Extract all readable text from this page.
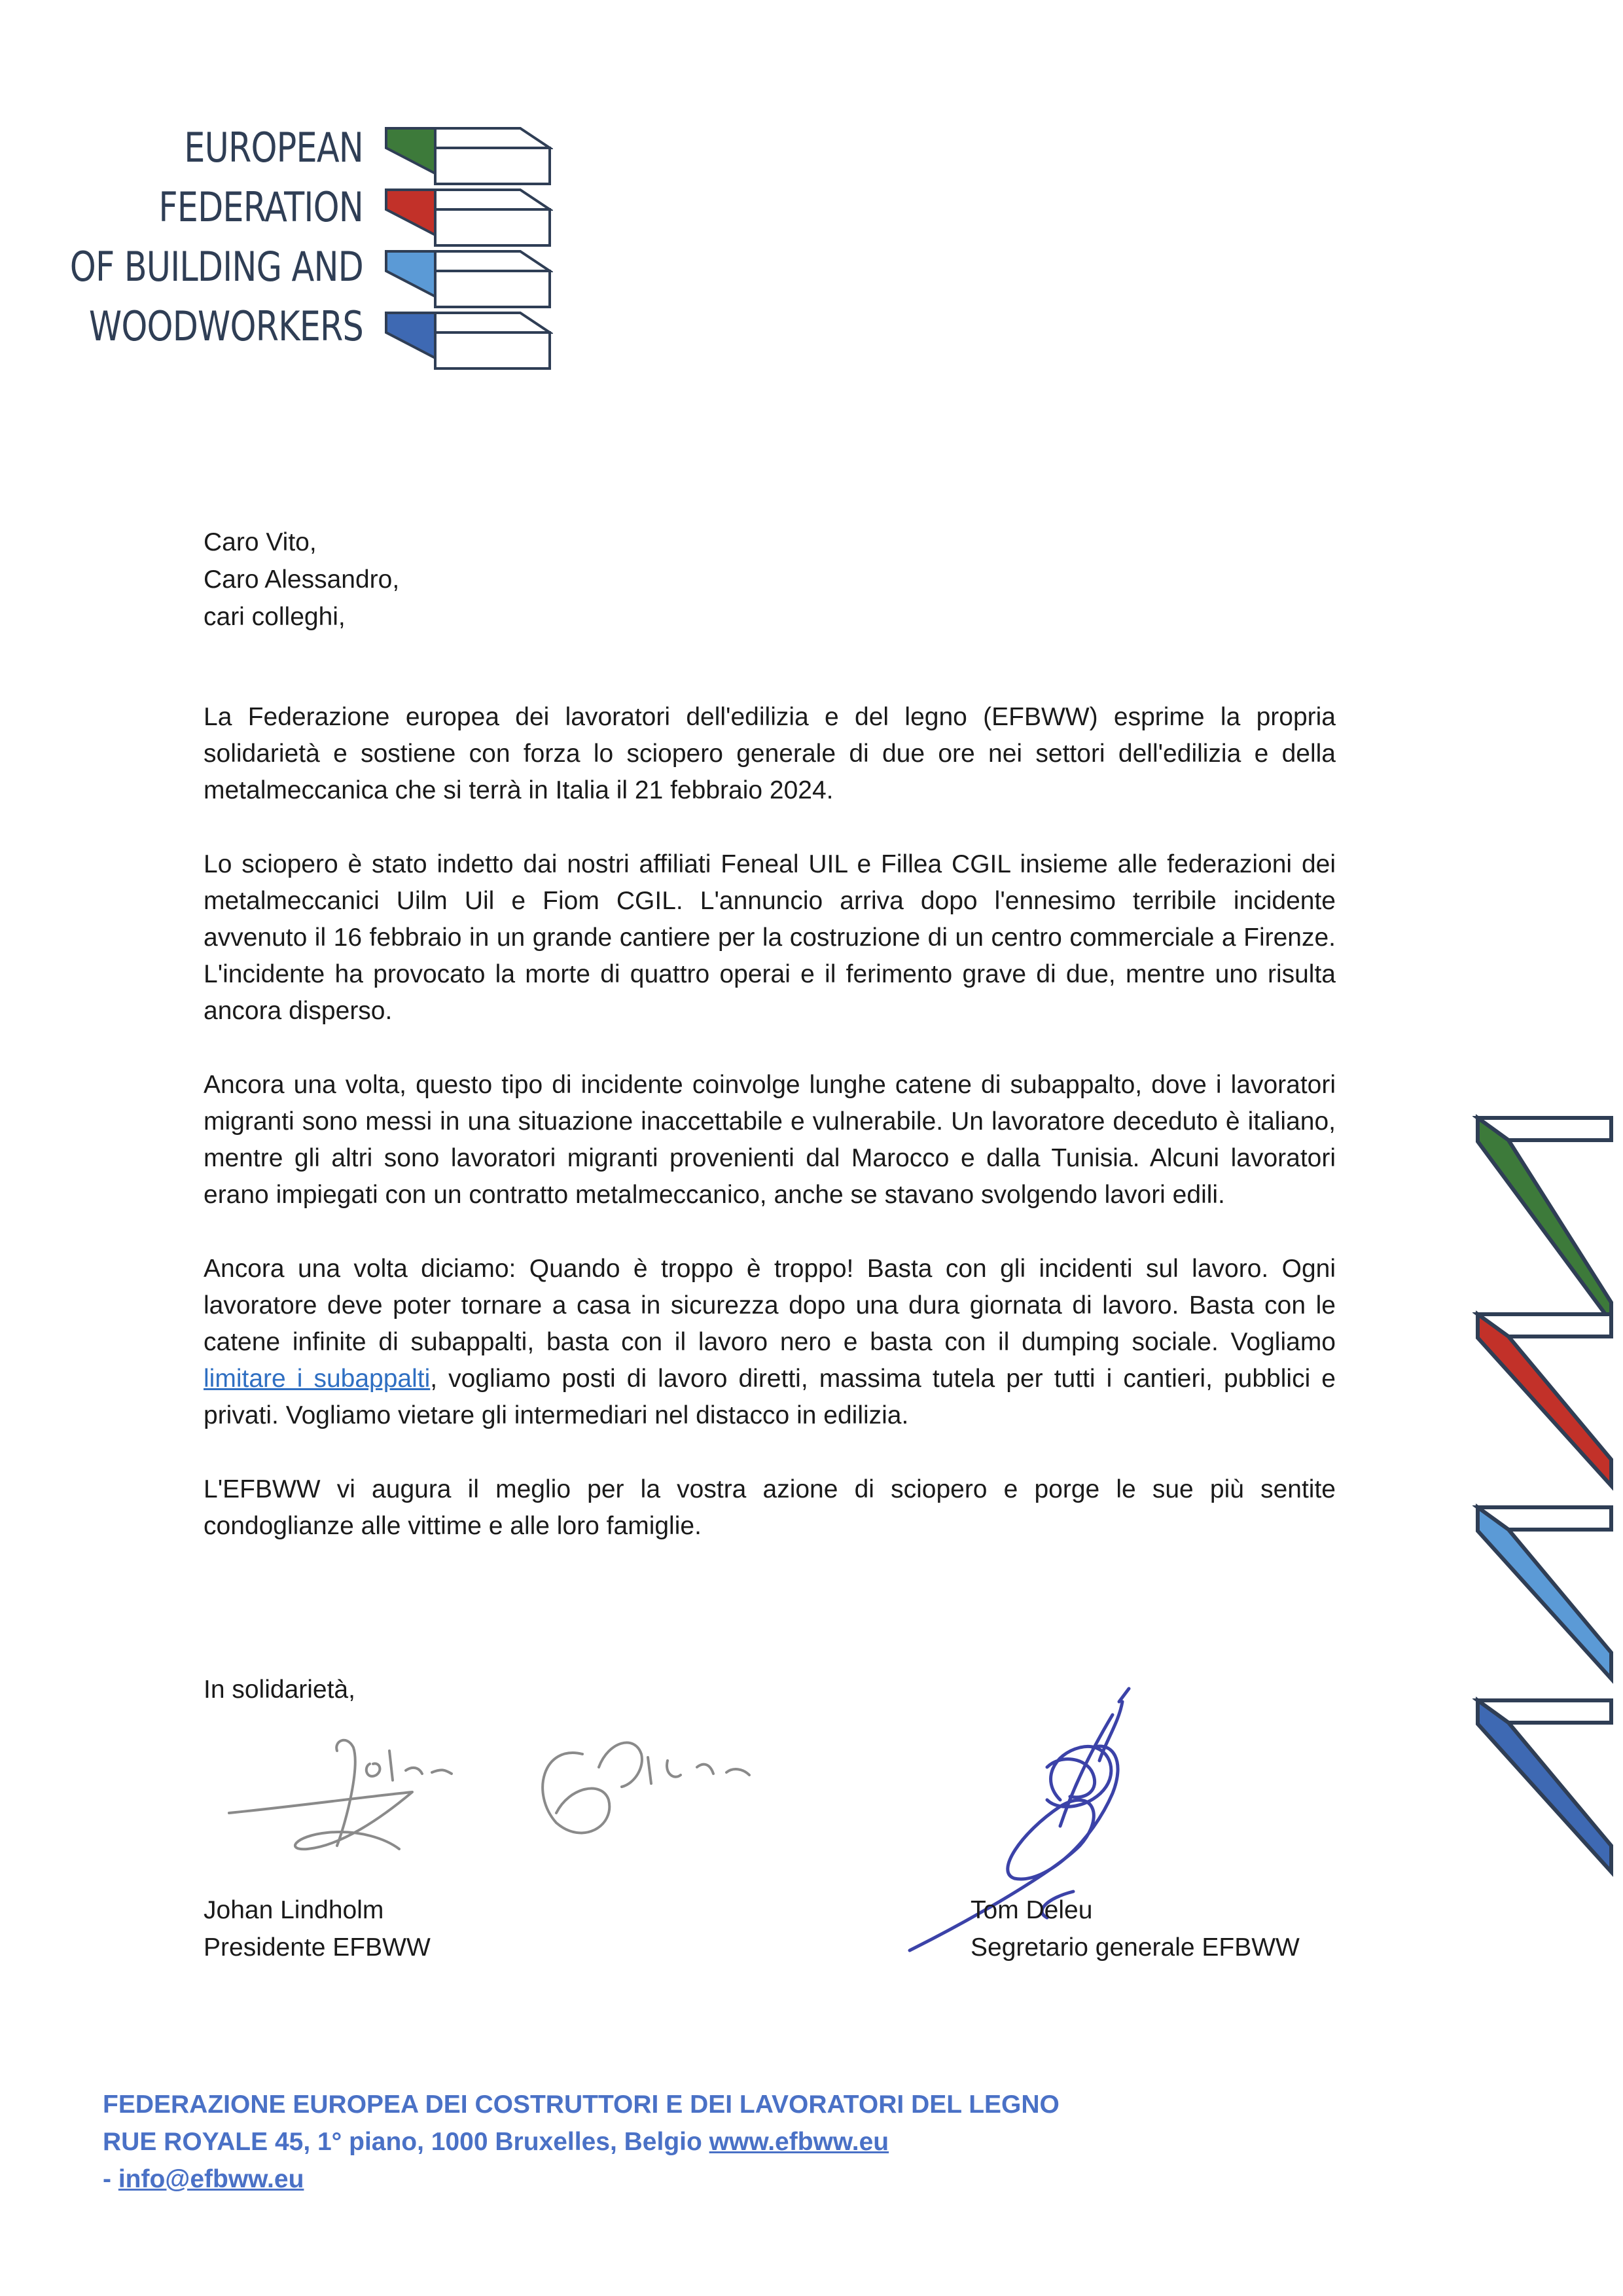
EUROPEAN
FEDERATION
OF BUILDING AND
WOODWORKERS
Caro Vito,
Caro Alessandro,
cari colleghi,

La Federazione europea dei lavoratori dell'edilizia e del legno (EFBWW) esprime la propria solidarietà e sostiene con forza lo sciopero generale di due ore nei settori dell'edilizia e della metalmeccanica che si terrà in Italia il 21 febbraio 2024.

Lo sciopero è stato indetto dai nostri affiliati Feneal UIL e Fillea CGIL insieme alle federazioni dei metalmeccanici Uilm Uil e Fiom CGIL. L'annuncio arriva dopo l'ennesimo terribile incidente avvenuto il 16 febbraio in un grande cantiere per la costruzione di un centro commerciale a Firenze. L'incidente ha provocato la morte di quattro operai e il ferimento grave di due, mentre uno risulta ancora disperso.

Ancora una volta, questo tipo di incidente coinvolge lunghe catene di subappalto, dove i lavoratori migranti sono messi in una situazione inaccettabile e vulnerabile. Un lavoratore deceduto è italiano, mentre gli altri sono lavoratori migranti provenienti dal Marocco e dalla Tunisia. Alcuni lavoratori erano impiegati con un contratto metalmeccanico, anche se stavano svolgendo lavori edili.

Ancora una volta diciamo: Quando è troppo è troppo! Basta con gli incidenti sul lavoro. Ogni lavoratore deve poter tornare a casa in sicurezza dopo una dura giornata di lavoro. Basta con le catene infinite di subappalti, basta con il lavoro nero e basta con il dumping sociale. Vogliamo limitare i subappalti, vogliamo posti di lavoro diretti, massima tutela per tutti i cantieri, pubblici e privati. Vogliamo vietare gli intermediari nel distacco in edilizia.

L'EFBWW vi augura il meglio per la vostra azione di sciopero e porge le sue più sentite condoglianze alle vittime e alle loro famiglie.

In solidarietà,
Johan Lindholm
Presidente EFBWW
Tom Deleu
Segretario generale EFBWW
FEDERAZIONE EUROPEA DEI COSTRUTTORI E DEI LAVORATORI DEL LEGNO
RUE ROYALE 45, 1° piano, 1000 Bruxelles, Belgio www.efbww.eu
- info@efbww.eu
